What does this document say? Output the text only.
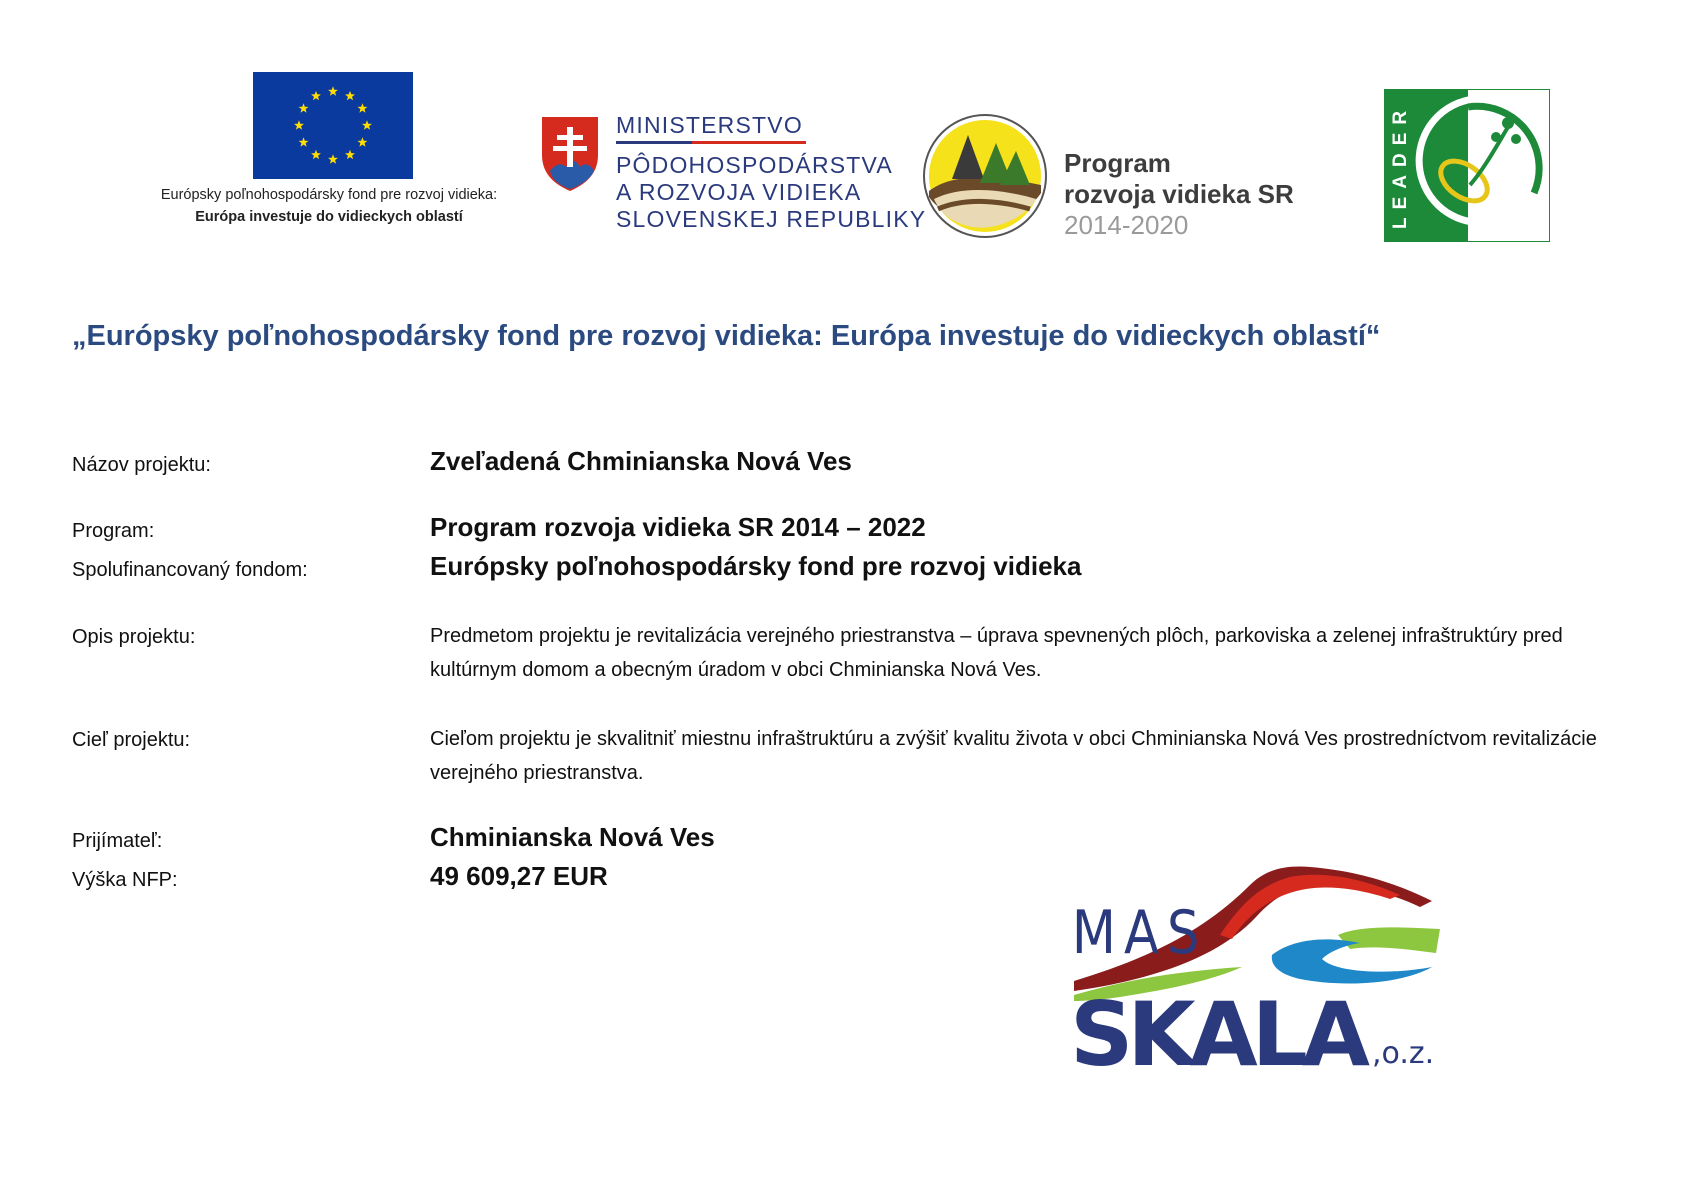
Európsky poľnohospodársky fond pre rozvoj vidieka:
Európa investuje do vidieckych oblastí
MINISTERSTVO
PÔDOHOSPODÁRSTVA
A ROZVOJA VIDIEKA
SLOVENSKEJ REPUBLIKY
Program
rozvoja vidieka SR
2014-2020	LEADER
„Európsky poľnohospodársky fond pre rozvoj vidieka: Európa investuje do vidieckych oblastí“
Názov projektu:	Zveľadená Chminianska Nová Ves
Program:	Program rozvoja vidieka SR 2014 – 2022
Spolufinancovaný fondom:	Európsky poľnohospodársky fond pre rozvoj vidieka
Opis projektu:	Predmetom projektu je revitalizácia verejného priestranstva – úprava spevnených plôch, parkoviska a zelenej infraštruktúry pred kultúrnym domom a obecným úradom v obci Chminianska Nová Ves.
Cieľ projektu:	Cieľom projektu je skvalitniť miestnu infraštruktúru a zvýšiť kvalitu života v obci Chminianska Nová Ves prostredníctvom revitalizácie verejného priestranstva.
Prijímateľ:	Chminianska Nová Ves
Výška NFP:	49 609,27 EUR
MAS
SKALA ,o.z.
